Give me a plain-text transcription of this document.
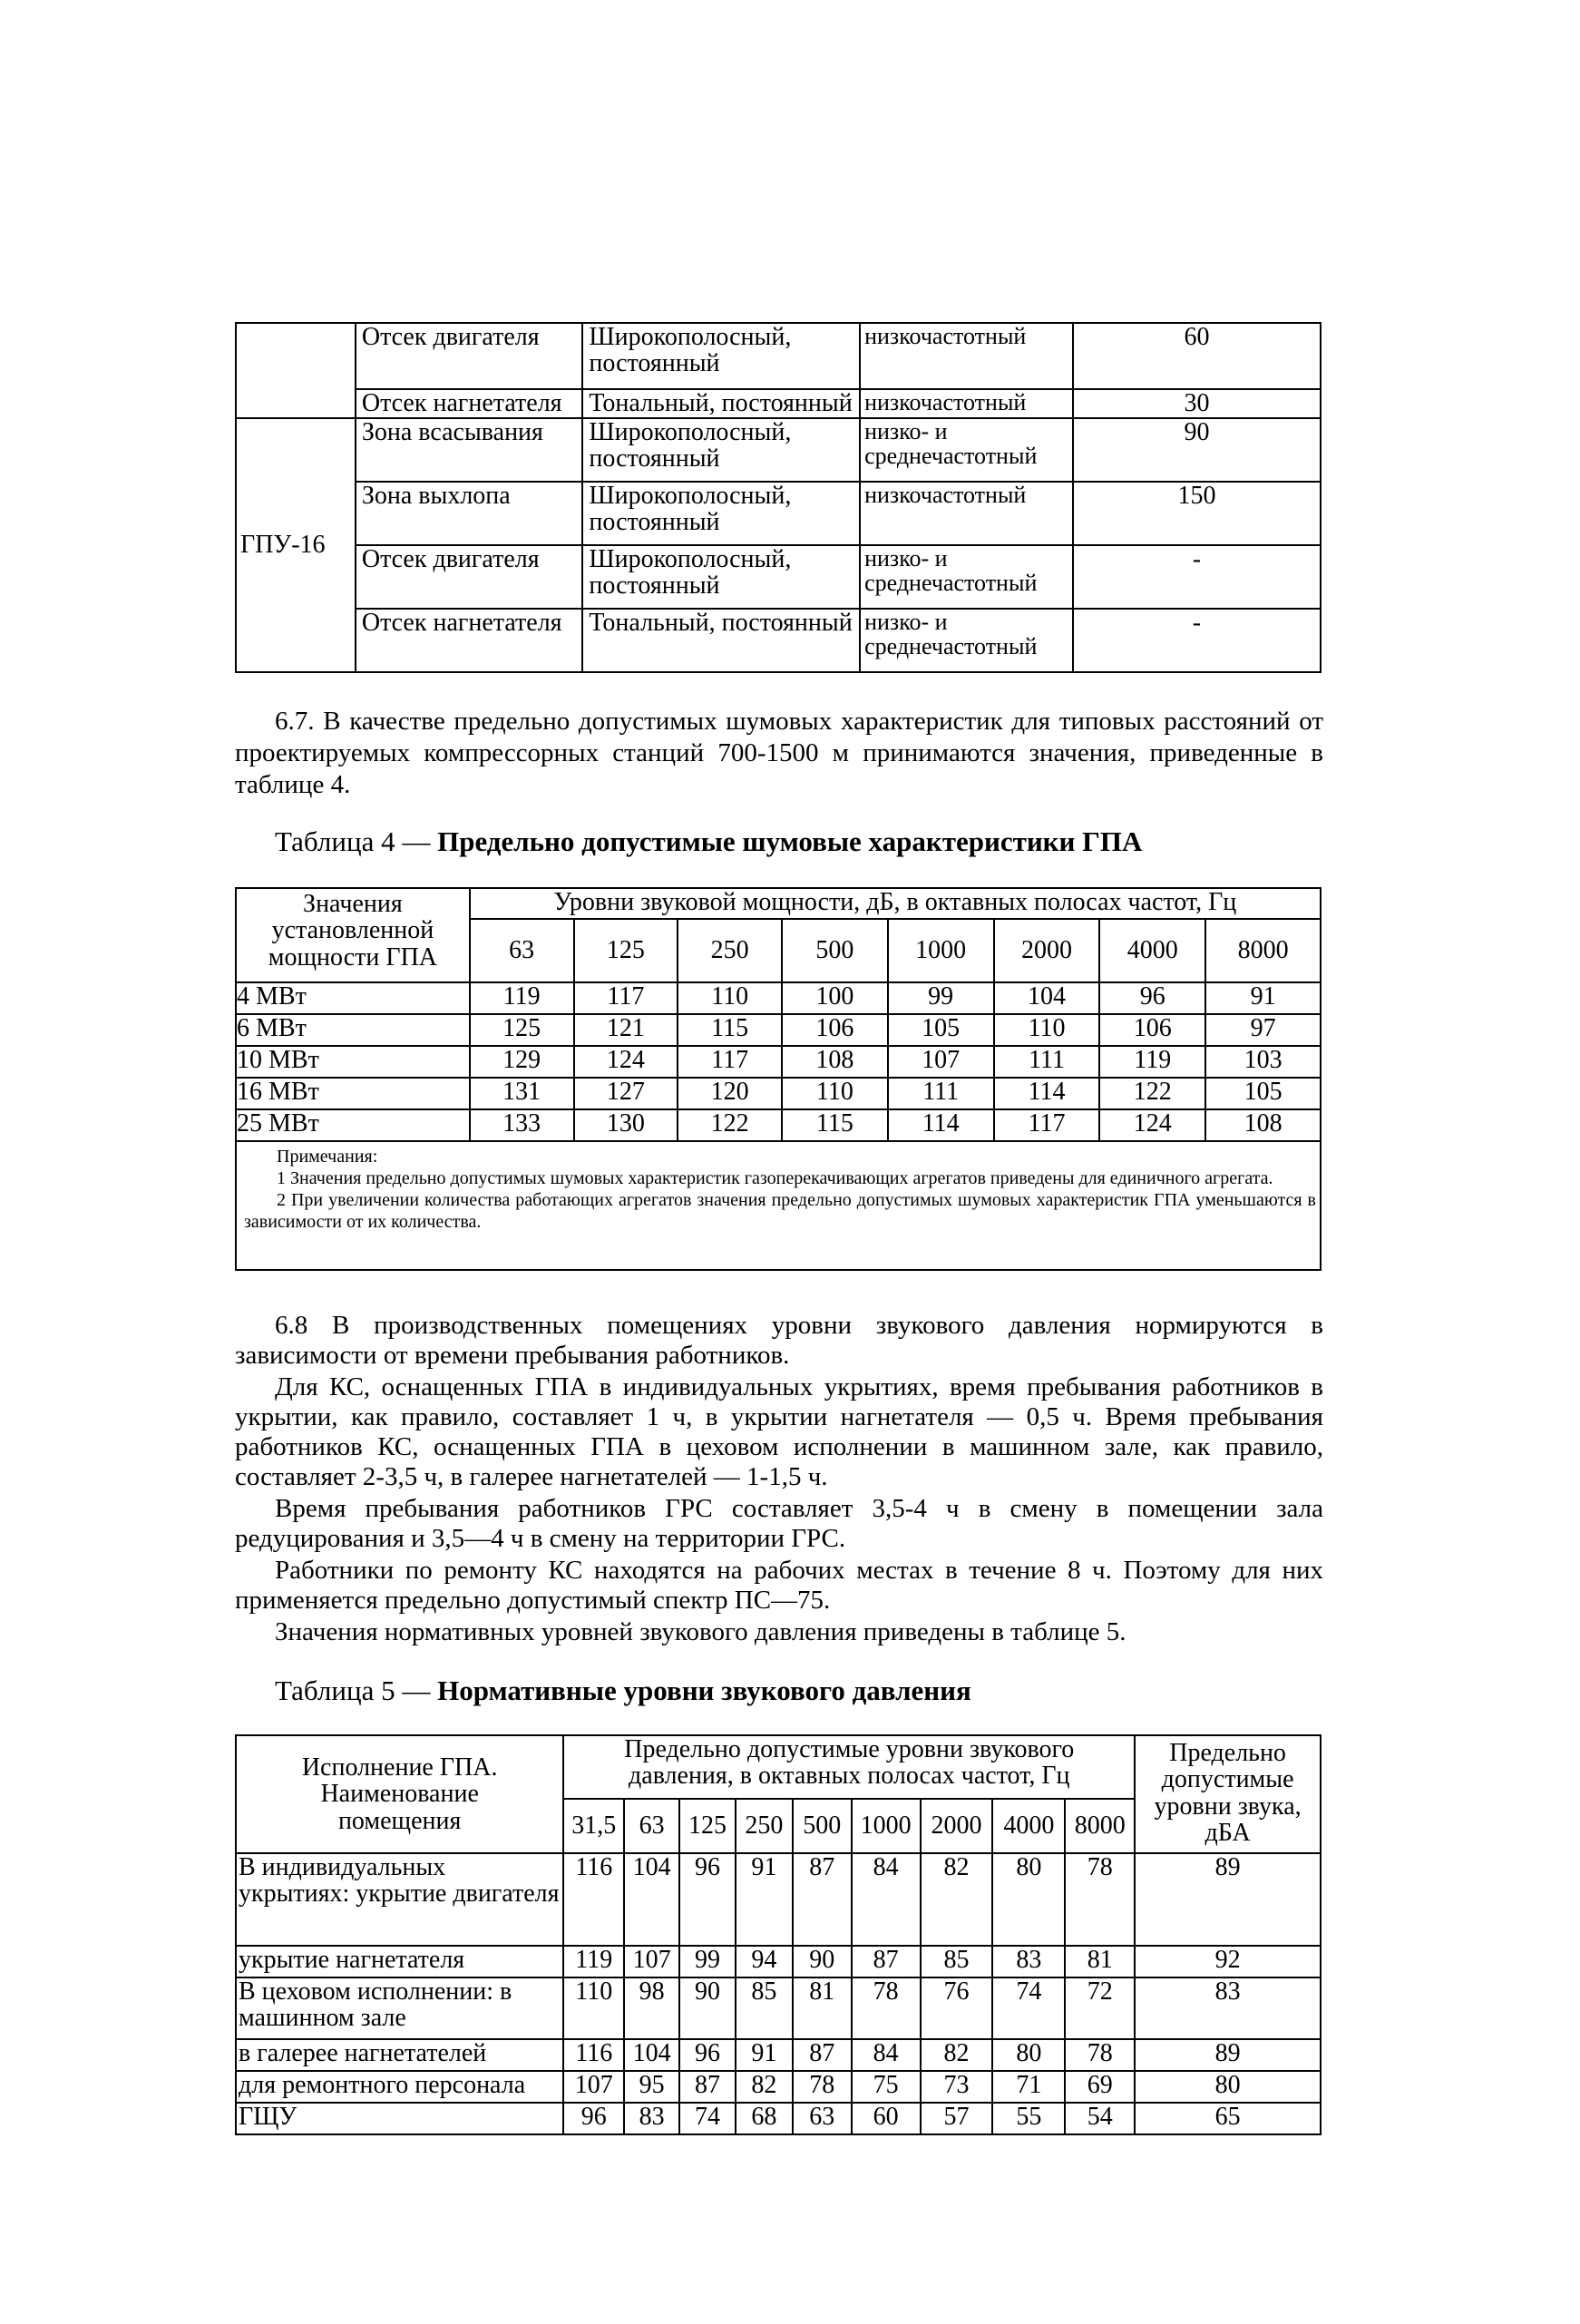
	Отсек двигателя	Широкополосный, постоянный	низкочастотный	60
	Отсек нагнетателя	Тональный, постоянный	низкочастотный	30
ГПУ-16	Зона всасывания	Широкополосный, постоянный	низко- и среднечастотный	90
	Зона выхлопа	Широкополосный, постоянный	низкочастотный	150
	Отсек двигателя	Широкополосный, постоянный	низко- и среднечастотный	-
	Отсек нагнетателя	Тональный, постоянный	низко- и среднечастотный	-

6.7. В качестве предельно допустимых шумовых характеристик для типовых расстояний от проектируемых компрессорных станций 700-1500 м принимаются значения, приведенные в таблице 4.

Таблица 4 — Предельно допустимые шумовые характеристики ГПА
Значения установленной мощности ГПА	Уровни звуковой мощности, дБ, в октавных полосах частот, Гц							
	63	125	250	500	1000	2000	4000	8000
4 МВт	119	117	110	100	99	104	96	91
6 МВт	125	121	115	106	105	110	106	97
10 МВт	129	124	117	108	107	111	119	103
16 МВт	131	127	120	110	111	114	122	105
25 МВт	133	130	122	115	114	117	124	108

Примечания:
1 Значения предельно допустимых шумовых характеристик газоперекачивающих агрегатов приведены для единичного агрегата.
2 При увеличении количества работающих агрегатов значения предельно допустимых шумовых характеристик ГПА уменьшаются в зависимости от их количества.								
6.8 В производственных помещениях уровни звукового давления нормируются в зависимости от времени пребывания работников.
Для КС, оснащенных ГПА в индивидуальных укрытиях, время пребывания работников в укрытии, как правило, составляет 1 ч, в укрытии нагнетателя — 0,5 ч. Время пребывания работников КС, оснащенных ГПА в цеховом исполнении в машинном зале, как правило, составляет 2-3,5 ч, в галерее нагнетателей — 1-1,5 ч.
Время пребывания работников ГРС составляет 3,5-4 ч в смену в помещении зала редуцирования и 3,5—4 ч в смену на территории ГРС.
Работники по ремонту КС находятся на рабочих местах в течение 8 ч. Поэтому для них применяется предельно допустимый спектр ПС—75.
Значения нормативных уровней звукового давления приведены в таблице 5.
Таблица 5 — Нормативные уровни звукового давления
Исполнение ГПА. Наименование помещения	Предельно допустимые уровни звукового давления, в октавных полосах частот, Гц									Предельно допустимые уровни звука, дБА
	31,5	63	125	250	500	1000	2000	4000	8000	
В индивидуальных укрытиях: укрытие двигателя	116	104	96	91	87	84	82	80	78	89
укрытие нагнетателя	119	107	99	94	90	87	85	83	81	92
В цеховом исполнении: в машинном зале	110	98	90	85	81	78	76	74	72	83
в галерее нагнетателей	116	104	96	91	87	84	82	80	78	89
для ремонтного персонала	107	95	87	82	78	75	73	71	69	80
ГЩУ	96	83	74	68	63	60	57	55	54	65
